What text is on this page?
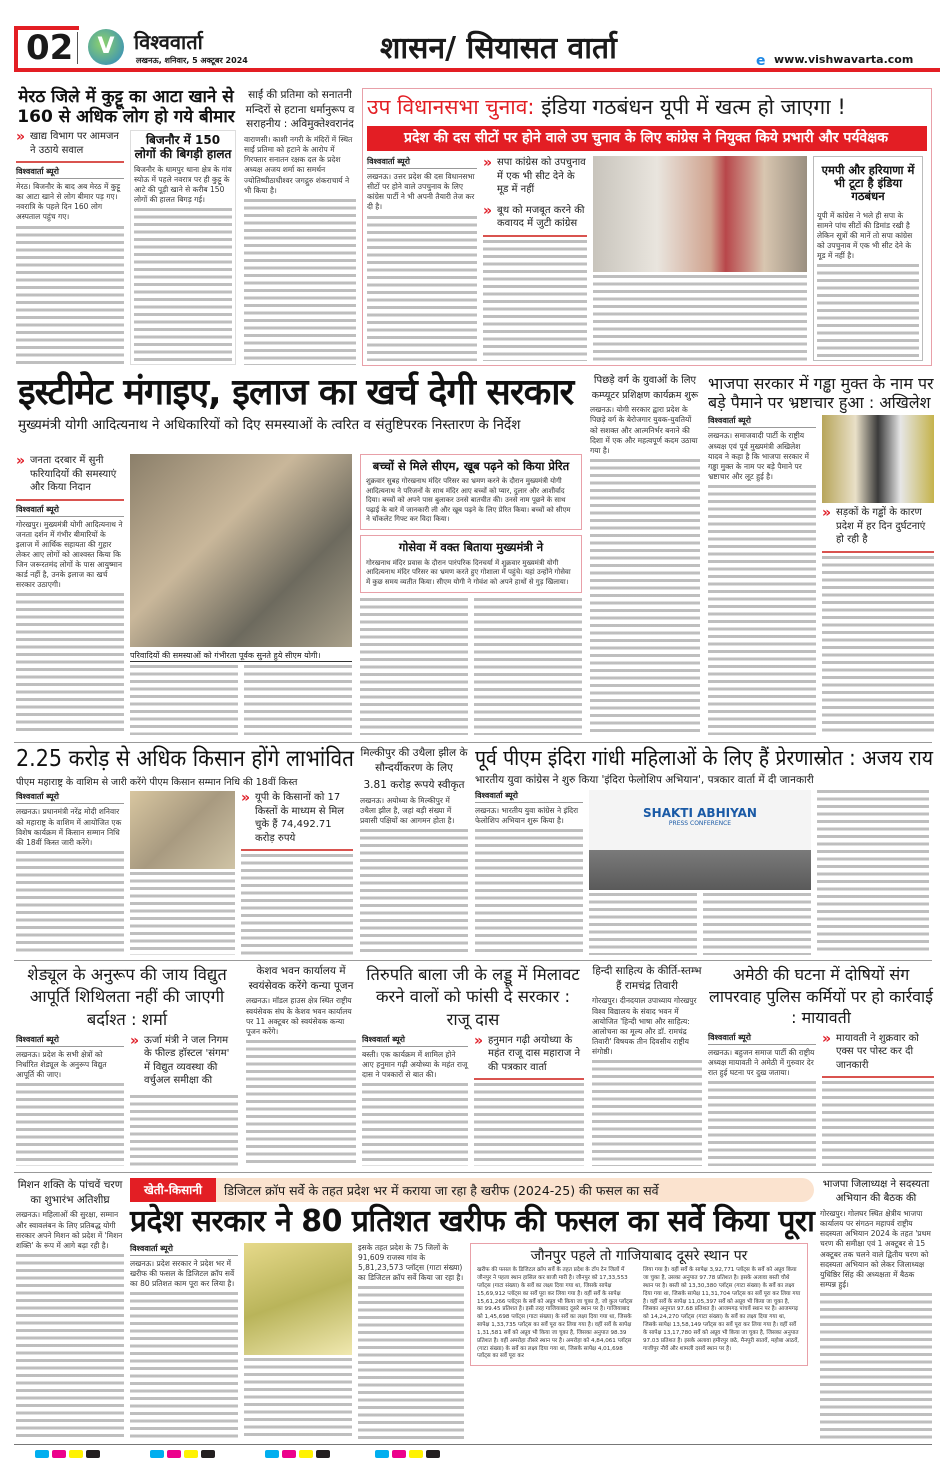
02	V विश्ववार्ता
लखनऊ, शनिवार, 5 अक्टूबर 2024	शासन/ सियासत वार्ता	e www.vishwavarta.com
मेरठ जिले में कुट्टू का आटा खाने से 160 से अधिक लोग हो गये बीमार
» खाद्य विभाग पर आमजन ने उठाये सवाल
विश्ववार्ता ब्यूरो
मेरठ। बिजनौर के बाद अब मेरठ में कुट्टू का आटा खाने से लोग बीमार पड़ गए। नवरात्रि के पहले दिन 160 लोग अस्पताल पहुंच गए।
बिजनौर में 150 लोगों की बिगड़ी हालत
बिजनौर के धामपुर थाना क्षेत्र के गांव स्योऊ में पहले नवरात्र पर ही कुट्टू के आटे की पूड़ी खाने से करीब 150 लोगों की हालत बिगड़ गई।
साईं की प्रतिमा को सनातनी मन्दिरों से हटाना धर्मानुरूप व सराहनीय : अविमुक्तेश्वरानंद
वाराणसी। काशी नगरी के मंदिरों में स्थित साईं प्रतिमा को हटाने के आरोप में गिरफ्तार सनातन रक्षक दल के प्रदेश अध्यक्ष अजय शर्मा का समर्थन ज्योतिष्पीठाधीश्वर जगद्गुरु शंकराचार्य ने भी किया है।
उप विधानसभा चुनाव: इंडिया गठबंधन यूपी में खत्म हो जाएगा !
प्रदेश की दस सीटों पर होने वाले उप चुनाव के लिए कांग्रेस ने नियुक्त किये प्रभारी और पर्यवेक्षक
विश्ववार्ता ब्यूरो
लखनऊ। उत्तर प्रदेश की दस विधानसभा सीटों पर होने वाले उपचुनाव के लिए कांग्रेस पार्टी ने भी अपनी तैयारी तेज कर दी है।
» सपा कांग्रेस को उपचुनाव में एक भी सीट देने के मूड में नहीं
» बूथ को मजबूत करने की कवायद में जुटी कांग्रेस
एमपी और हरियाणा में भी टूटा है इंडिया गठबंधन
यूपी में कांग्रेस ने भले ही सपा के सामने पांच सीटों की डिमांड रखी है लेकिन सूत्रों की मानें तो सपा कांग्रेस को उपचुनाव में एक भी सीट देने के मूड में नहीं है।
इस्टीमेट मंगाइए, इलाज का खर्च देगी सरकार
मुख्यमंत्री योगी आदित्यनाथ ने अधिकारियों को दिए समस्याओं के त्वरित व संतुष्टिपरक निस्तारण के निर्देश
» जनता दरबार में सुनी फरियादियों की समस्याएं और किया निदान
विश्ववार्ता ब्यूरो
गोरखपुर। मुख्यमंत्री योगी आदित्यनाथ ने जनता दर्शन में गंभीर बीमारियों के इलाज में आर्थिक सहायता की गुहार लेकर आए लोगों को आश्वस्त किया कि जिन जरूरतमंद लोगों के पास आयुष्मान कार्ड नहीं है, उनके इलाज का खर्च सरकार उठाएगी।
परिवादियों की समस्याओं को गंभीरता पूर्वक सुनते हुये सीएम योगी।
बच्चों से मिले सीएम, खूब पढ़ने को किया प्रेरित
शुक्रवार सुबह गोरखनाथ मंदिर परिसर का भ्रमण करने के दौरान मुख्यमंत्री योगी आदित्यनाथ ने परिजनों के साथ मंदिर आए बच्चों को प्यार, दुलार और आशीर्वाद दिया। बच्चों को अपने पास बुलाकर उनसे बातचीत की। उनसे नाम पूछने के साथ पढ़ाई के बारे में जानकारी ली और खूब पढ़ने के लिए प्रेरित किया। बच्चों को सीएम ने चॉकलेट गिफ्ट कर विदा किया।
गोसेवा में वक्त बिताया मुख्यमंत्री ने
गोरखनाथ मंदिर प्रवास के दौरान पारंपरिक दिनचर्या में शुक्रवार मुख्यमंत्री योगी आदित्यनाथ मंदिर परिसर का भ्रमण करते हुए गोशाला में पहुंचे। यहां उन्होंने गोसेवा में कुछ समय व्यतीत किया। सीएम योगी ने गोवंश को अपने हाथों से गुड़ खिलाया।
पिछड़े वर्ग के युवाओं के लिए
कम्प्यूटर प्रशिक्षण कार्यक्रम शुरू
लखनऊ। योगी सरकार द्वारा प्रदेश के पिछड़े वर्ग के बेरोजगार युवक-युवतियों को सशक्त और आत्मनिर्भर बनाने की दिशा में एक और महत्वपूर्ण कदम उठाया गया है।
भाजपा सरकार में गड्ढा मुक्त के नाम पर बड़े पैमाने पर भ्रष्टाचार हुआ : अखिलेश
विश्ववार्ता ब्यूरो
लखनऊ। समाजवादी पार्टी के राष्ट्रीय अध्यक्ष एवं पूर्व मुख्यमंत्री अखिलेश यादव ने कहा है कि भाजपा सरकार में गड्ढा मुक्त के नाम पर बड़े पैमाने पर भ्रष्टाचार और लूट हुई है।
» सड़कों के गड्ढों के कारण प्रदेश में हर दिन दुर्घटनाएं हो रही है
2.25 करोड़ से अधिक किसान होंगे लाभांवित
पीएम महाराष्ट्र के वाशिम से जारी करेंगे पीएम किसान सम्मान निधि की 18वीं किस्त
विश्ववार्ता ब्यूरो
लखनऊ। प्रधानमंत्री नरेंद्र मोदी शनिवार को महाराष्ट्र के वाशिम में आयोजित एक विशेष कार्यक्रम में किसान सम्मान निधि की 18वीं किस्त जारी करेंगे।
» यूपी के किसानों को 17 किस्तों के माध्यम से मिल चुके हैं 74,492.71 करोड़ रुपये
मिल्कीपुर की उथैला झील के सौन्दर्यीकरण के लिए
3.81 करोड़ रूपये स्वीकृत
लखनऊ। अयोध्या के मिल्कीपुर में उथैला झील है, जहां बड़ी संख्या में प्रवासी पक्षियों का आगमन होता है।
पूर्व पीएम इंदिरा गांधी महिलाओं के लिए हैं प्रेरणास्रोत : अजय राय
भारतीय युवा कांग्रेस ने शुरु किया 'इंदिरा फेलोशिप अभियान', पत्रकार वार्ता में दी जानकारी
विश्ववार्ता ब्यूरो
लखनऊ। भारतीय युवा कांग्रेस ने इंदिरा फेलोशिप अभियान शुरू किया है।
SHAKTI ABHIYAN
PRESS CONFERENCE
शेड्यूल के अनुरूप की जाय विद्युत आपूर्ति शिथिलता नहीं की जाएगी बर्दाश्त : शर्मा
विश्ववार्ता ब्यूरो
लखनऊ। प्रदेश के सभी क्षेत्रों को निर्धारित शेड्यूल के अनुरूप विद्युत आपूर्ति की जाए।
» ऊर्जा मंत्री ने जल निगम के फील्ड हॉस्टल 'संगम' में विद्युत व्यवस्था की वर्चुअल समीक्षा की
केशव भवन कार्यालय में स्वयंसेवक करेंगे कन्या पूजन
लखनऊ। मॉडल हाउस क्षेत्र स्थित राष्ट्रीय स्वयंसेवक संघ के केशव भवन कार्यालय पर 11 अक्टूबर को स्वयंसेवक कन्या पूजन करेंगे।
तिरुपति बाला जी के लड्डू में मिलावट करने वालों को फांसी दे सरकार : राजू दास
विश्ववार्ता ब्यूरो
बस्ती। एक कार्यक्रम में शामिल होने आए हनुमान गढ़ी अयोध्या के महंत राजू दास ने पत्रकारों से बात की।
» हनुमान गढ़ी अयोध्या के महंत राजू दास महाराज ने की पत्रकार वार्ता
हिन्दी साहित्य के कीर्ति-स्तम्भ हैं रामचंद्र तिवारी
गोरखपुर। दीनदयाल उपाध्याय गोरखपुर विश्व विद्यालय के संवाद भवन में आयोजित 'हिन्दी भाषा और साहित्य: आलोचना का मूल्य और डॉ. रामचंद्र तिवारी' विषयक तीन दिवसीय राष्ट्रीय संगोष्ठी।
अमेठी की घटना में दोषियों संग लापरवाह पुलिस कर्मियों पर हो कार्रवाई : मायावती
विश्ववार्ता ब्यूरो
लखनऊ। बहुजन समाज पार्टी की राष्ट्रीय अध्यक्ष मायावती ने अमेठी में गुरुवार देर रात हुई घटना पर दुख जताया।
» मायावती ने शुक्रवार को एक्स पर पोस्ट कर दी जानकारी
मिशन शक्ति के पांचवें चरण का शुभारंभ अतिशीघ्र
लखनऊ। महिलाओं की सुरक्षा, सम्मान और स्वावलंबन के लिए प्रतिबद्ध योगी सरकार अपने मिशन को प्रदेश में 'मिशन शक्ति' के रूप में आगे बढ़ा रही है।
खेती-किसानी	डिजिटल क्रॉप सर्वे के तहत प्रदेश भर में कराया जा रहा है खरीफ (2024-25) की फसल का सर्वे
प्रदेश सरकार ने 80 प्रतिशत खरीफ की फसल का सर्वे किया पूरा
विश्ववार्ता ब्यूरो
लखनऊ। प्रदेश सरकार ने प्रदेश भर में खरीफ की फसल के डिजिटल क्रॉप सर्वे का 80 प्रतिशत काम पूरा कर लिया है।
इसके तहत प्रदेश के 75 जिलों के 91,609 राजस्व गांव के 5,81,23,573 प्लॉट्स (गाटा संख्या) का डिजिटल क्रॉप सर्वे किया जा रहा है।
जौनपुर पहले तो गाजियाबाद दूसरे स्थान पर
खरीफ की फसल के डिजिटल क्रॉप सर्वे के तहत प्रदेश के टॉप टेन जिलों में जौनपुर ने पहला स्थान हासिल कर बाजी मारी है। जौनपुर को 17,33,553 प्लॉट्स (गाटा संख्या) के सर्वे का लक्ष्य दिया गया था, जिसके सापेक्ष 15,69,912 प्लॉट्स का सर्वे पूरा कर लिया गया है। वहीं सर्वे के सापेक्ष 15,61,266 प्लॉट्स के सर्वे को अप्रूव भी किया जा चुका है, जो कुल प्लॉट्स का 99.45 प्रतिशत है। इसी तरह गाजियाबाद दूसरे स्थान पर है। गाजियाबाद को 1,45,698 प्लॉट्स (गाटा संख्या) के सर्वे का लक्ष्य दिया गया था, जिसके सापेक्ष 1,33,735 प्लॉट्स का सर्वे पूरा कर लिया गया है। वहीं सर्वे के सापेक्ष 1,31,581 सर्वे को अप्रूव भी किया जा चुका है, जिसका अनुपात 98.39 प्रतिशत है। वहीं अमरोहा तीसरे स्थान पर है। अमरोहा को 4,84,061 प्लॉट्स (गाटा संख्या) के सर्वे का लक्ष्य दिया गया था, जिसके सापेक्ष 4,01,698 प्लॉट्स का सर्वे पूरा कर
लिया गया है। वहीं सर्वे के सापेक्ष 3,92,771 प्लॉट्स के सर्वे को अप्रूव किया जा चुका है, उसका अनुपात 97.78 प्रतिशत है। इसके अलावा बस्ती चौथे स्थान पर है। बस्ती को 13,30,380 प्लॉट्स (गाटा संख्या) के सर्वे का लक्ष्य दिया गया था, जिसके सापेक्ष 11,31,704 प्लॉट्स का सर्वे पूरा कर लिया गया है। वहीं सर्वे के सापेक्ष 11,05,397 सर्वे को अप्रूव भी किया जा चुका है, जिसका अनुपात 97.68 प्रतिशत है। आजमगढ़ पांचवें स्थान पर है। आजमगढ़ को 14,24,270 प्लॉट्स (गाटा संख्या) के सर्वे का लक्ष्य दिया गया था, जिसके सापेक्ष 13,58,149 प्लॉट्स का सर्वे पूरा कर लिया गया है। वहीं सर्वे के सापेक्ष 13,17,780 सर्वे को अप्रूव भी किया जा चुका है, जिसका अनुपात 97.03 प्रतिशत है। इसके अलावा हमीरपुर छठे, मैनपुरी सातवें, महोबा आठवें, गाजीपुर नौवें और शामली दसवें स्थान पर है।
भाजपा जिलाध्यक्ष ने सदस्यता अभियान की बैठक की
गोरखपुर। गोलघर स्थित क्षेत्रीय भाजपा कार्यालय पर संगठन महापर्व राष्ट्रीय सदस्यता अभियान 2024 के तहत 'प्रथम चरण की समीक्षा एवं 1 अक्टूबर से 15 अक्टूबर तक चलने वाले द्वितीय चरण को सदस्यता अभियान को लेकर जिलाध्यक्ष युधिष्ठिर सिंह की अध्यक्षता में बैठक सम्पन्न हुई।
